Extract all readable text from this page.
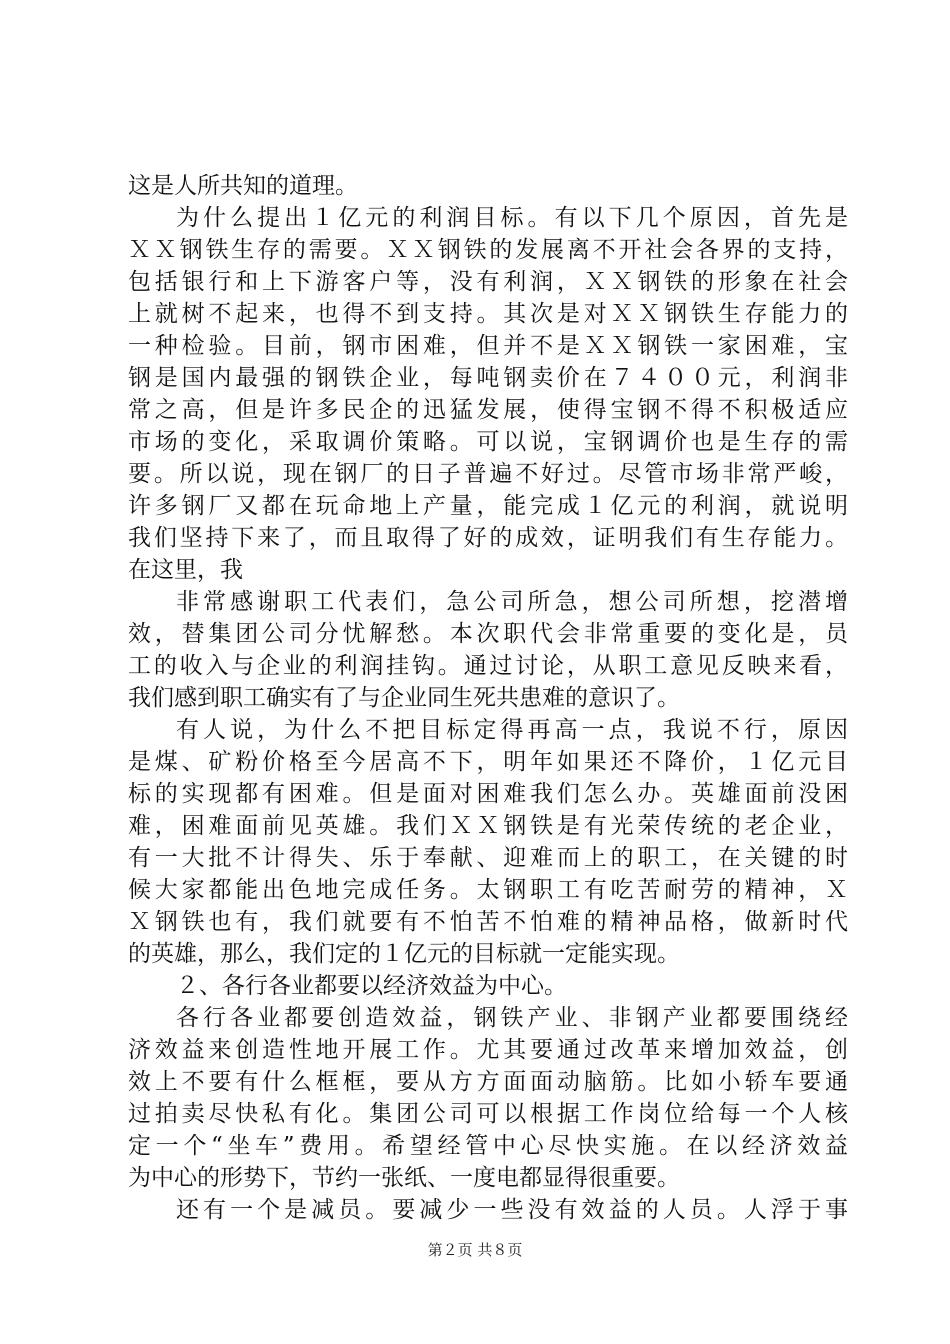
这是人所共知的道理。
为什么提出１亿元的利润目标。有以下几个原因，首先是
ＸＸ钢铁生存的需要。ＸＸ钢铁的发展离不开社会各界的支持，
包括银行和上下游客户等，没有利润，ＸＸ钢铁的形象在社会
上就树不起来，也得不到支持。其次是对ＸＸ钢铁生存能力的
一种检验。目前，钢市困难，但并不是ＸＸ钢铁一家困难，宝
钢是国内最强的钢铁企业，每吨钢卖价在７４００元，利润非
常之高，但是许多民企的迅猛发展，使得宝钢不得不积极适应
市场的变化，采取调价策略。可以说，宝钢调价也是生存的需
要。所以说，现在钢厂的日子普遍不好过。尽管市场非常严峻，
许多钢厂又都在玩命地上产量，能完成１亿元的利润，就说明
我们坚持下来了，而且取得了好的成效，证明我们有生存能力。
在这里，我
非常感谢职工代表们，急公司所急，想公司所想，挖潜增
效，替集团公司分忧解愁。本次职代会非常重要的变化是，员
工的收入与企业的利润挂钩。通过讨论，从职工意见反映来看，
我们感到职工确实有了与企业同生死共患难的意识了。
有人说，为什么不把目标定得再高一点，我说不行，原因
是煤、矿粉价格至今居高不下，明年如果还不降价，１亿元目
标的实现都有困难。但是面对困难我们怎么办。英雄面前没困
难，困难面前见英雄。我们ＸＸ钢铁是有光荣传统的老企业，
有一大批不计得失、乐于奉献、迎难而上的职工，在关键的时
候大家都能出色地完成任务。太钢职工有吃苦耐劳的精神，Ｘ
Ｘ钢铁也有，我们就要有不怕苦不怕难的精神品格，做新时代
的英雄，那么，我们定的１亿元的目标就一定能实现。
２、各行各业都要以经济效益为中心。
各行各业都要创造效益，钢铁产业、非钢产业都要围绕经
济效益来创造性地开展工作。尤其要通过改革来增加效益，创
效上不要有什么框框，要从方方面面动脑筋。比如小轿车要通
过拍卖尽快私有化。集团公司可以根据工作岗位给每一个人核
定一个“坐车”费用。希望经管中心尽快实施。在以经济效益
为中心的形势下，节约一张纸、一度电都显得很重要。
还有一个是减员。要减少一些没有效益的人员。人浮于事
第２页 共８页
